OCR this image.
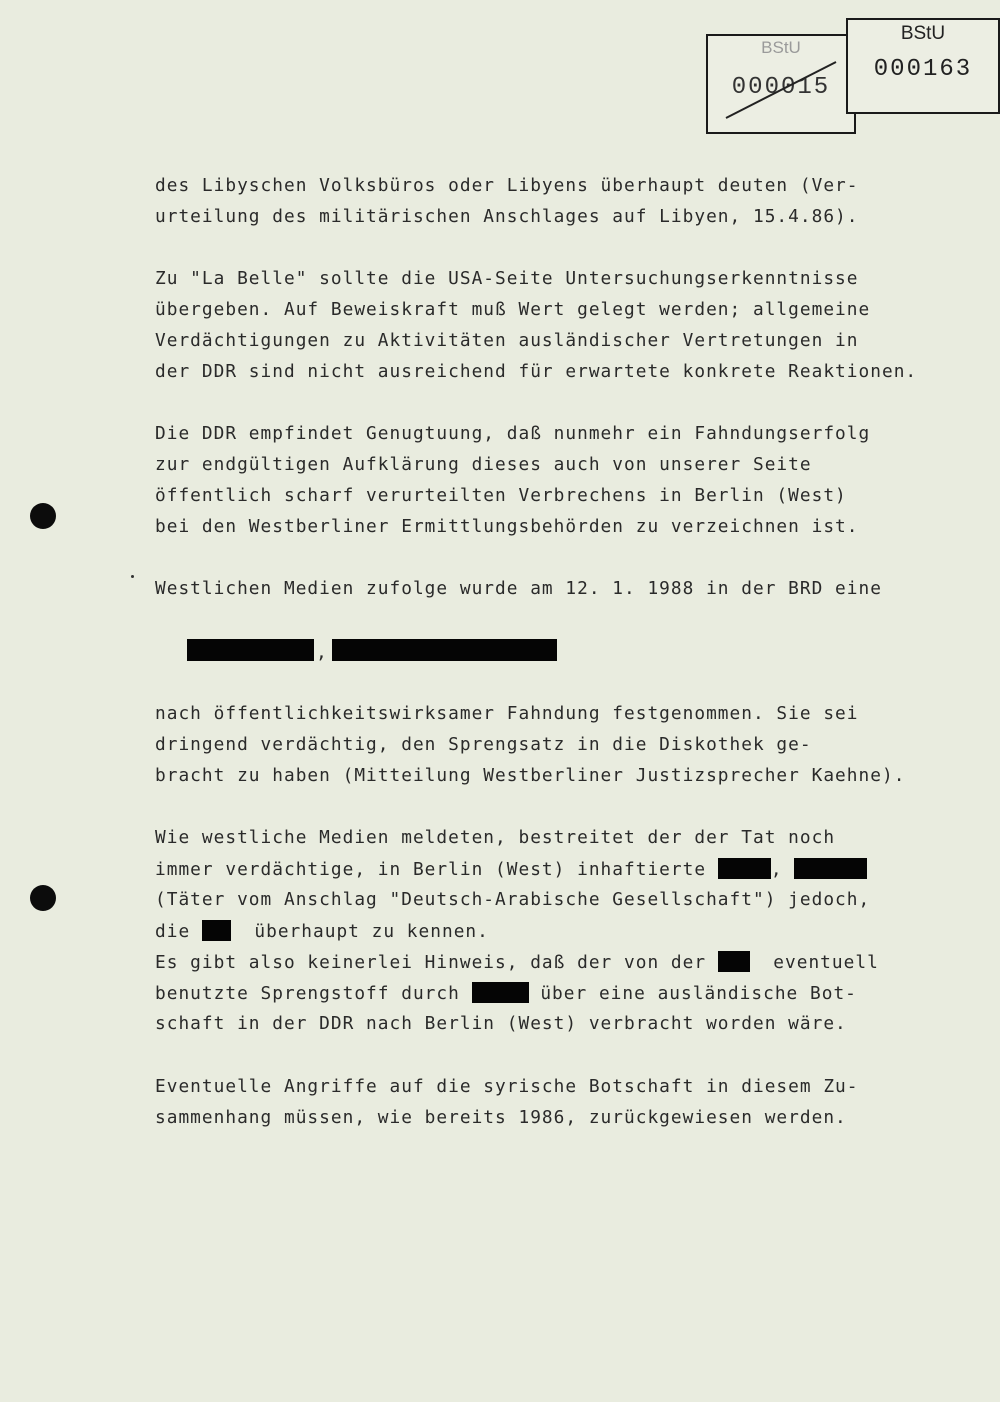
BStU
000015
BStU
000163
des Libyschen Volksbüros oder Libyens überhaupt deuten (Ver-
urteilung des militärischen Anschlages auf Libyen, 15.4.86).
Zu "La Belle" sollte die USA-Seite Untersuchungserkenntnisse
übergeben. Auf Beweiskraft muß Wert gelegt werden; allgemeine
Verdächtigungen zu Aktivitäten ausländischer Vertretungen in
der DDR sind nicht ausreichend für erwartete konkrete Reaktionen.
Die DDR empfindet Genugtuung, daß nunmehr ein Fahndungserfolg
zur endgültigen Aufklärung dieses auch von unserer Seite
öffentlich scharf verurteilten Verbrechens in Berlin (West)
bei den Westberliner Ermittlungsbehörden zu verzeichnen ist.
Westlichen Medien zufolge wurde am 12. 1. 1988 in der BRD eine
,
nach öffentlichkeitswirksamer Fahndung festgenommen. Sie sei
dringend verdächtig, den Sprengsatz in die Diskothek ge-
bracht zu haben (Mitteilung Westberliner Justizsprecher Kaehne).
Wie westliche Medien meldeten, bestreitet der der Tat noch
immer verdächtige, in Berlin (West) inhaftierte	,
(Täter vom Anschlag "Deutsch-Arabische Gesellschaft") jedoch,
die	überhaupt zu kennen.
Es gibt also keinerlei Hinweis, daß der von der	eventuell
benutzte Sprengstoff durch	über eine ausländische Bot-
schaft in der DDR nach Berlin (West) verbracht worden wäre.
Eventuelle Angriffe auf die syrische Botschaft in diesem Zu-
sammenhang müssen, wie bereits 1986, zurückgewiesen werden.
